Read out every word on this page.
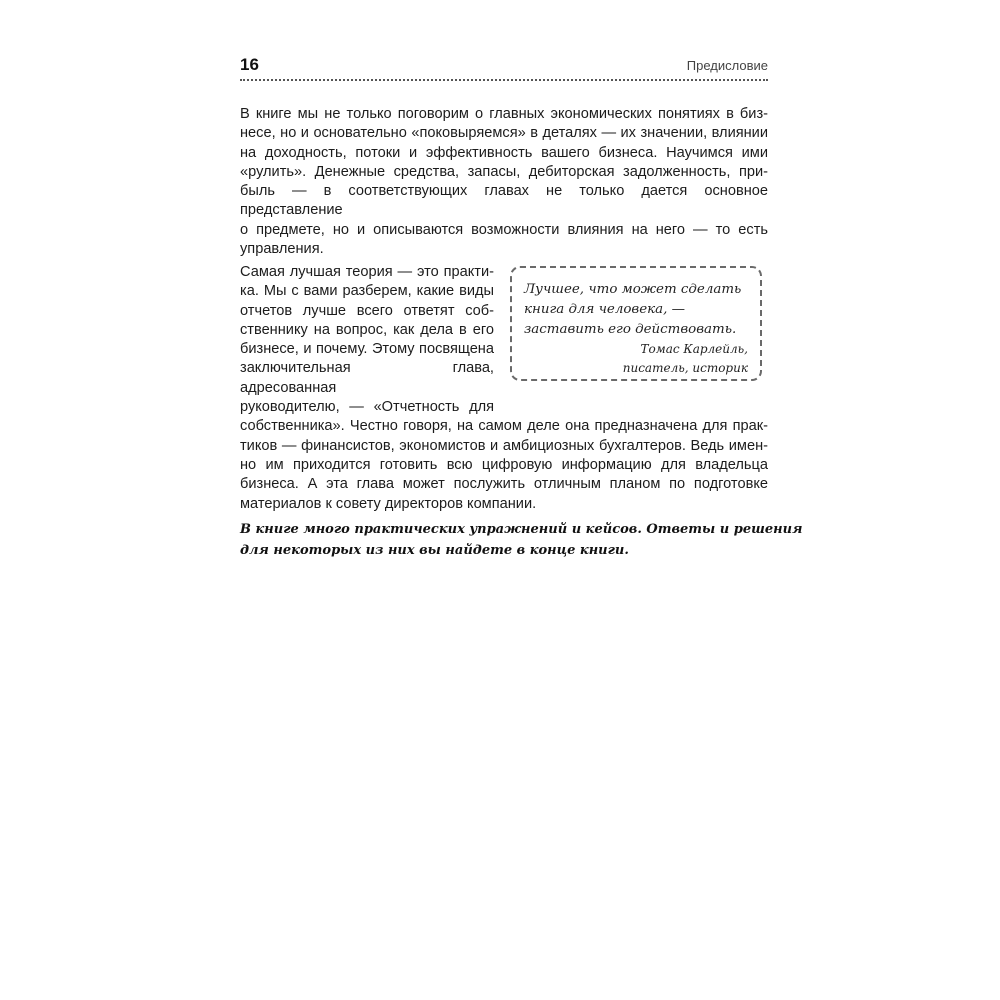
16	Предисловие

В книге мы не только поговорим о главных экономических понятиях в биз-
несе, но и основательно «поковыряемся» в деталях — их значении, влиянии
на доходность, потоки и эффективность вашего бизнеса. Научимся ими
«рулить». Денежные средства, запасы, дебиторская задолженность, при-
быль — в соответствующих главах не только дается основное представление
о предмете, но и описываются возможности влияния на него — то есть
управления.

Самая лучшая теория — это практи-
ка. Мы с вами разберем, какие виды
отчетов лучше всего ответят соб-
ственнику на вопрос, как дела в его
бизнесе, и почему. Этому посвящена
заключительная глава, адресованная
руководителю, — «Отчетность для
собственника». Честно говоря, на самом деле она предназначена для прак-
тиков — финансистов, экономистов и амбициозных бухгалтеров. Ведь имен-
но им приходится готовить всю цифровую информацию для владельца
бизнеса. А эта глава может послужить отличным планом по подготовке
материалов к совету директоров компании.

Лучшее, что может сделать
книга для человека, —
заставить его действовать.
Томас Карлейль,
писатель, историк

В книге много практических упражнений и кейсов. Ответы и решения
для некоторых из них вы найдете в конце книги.
